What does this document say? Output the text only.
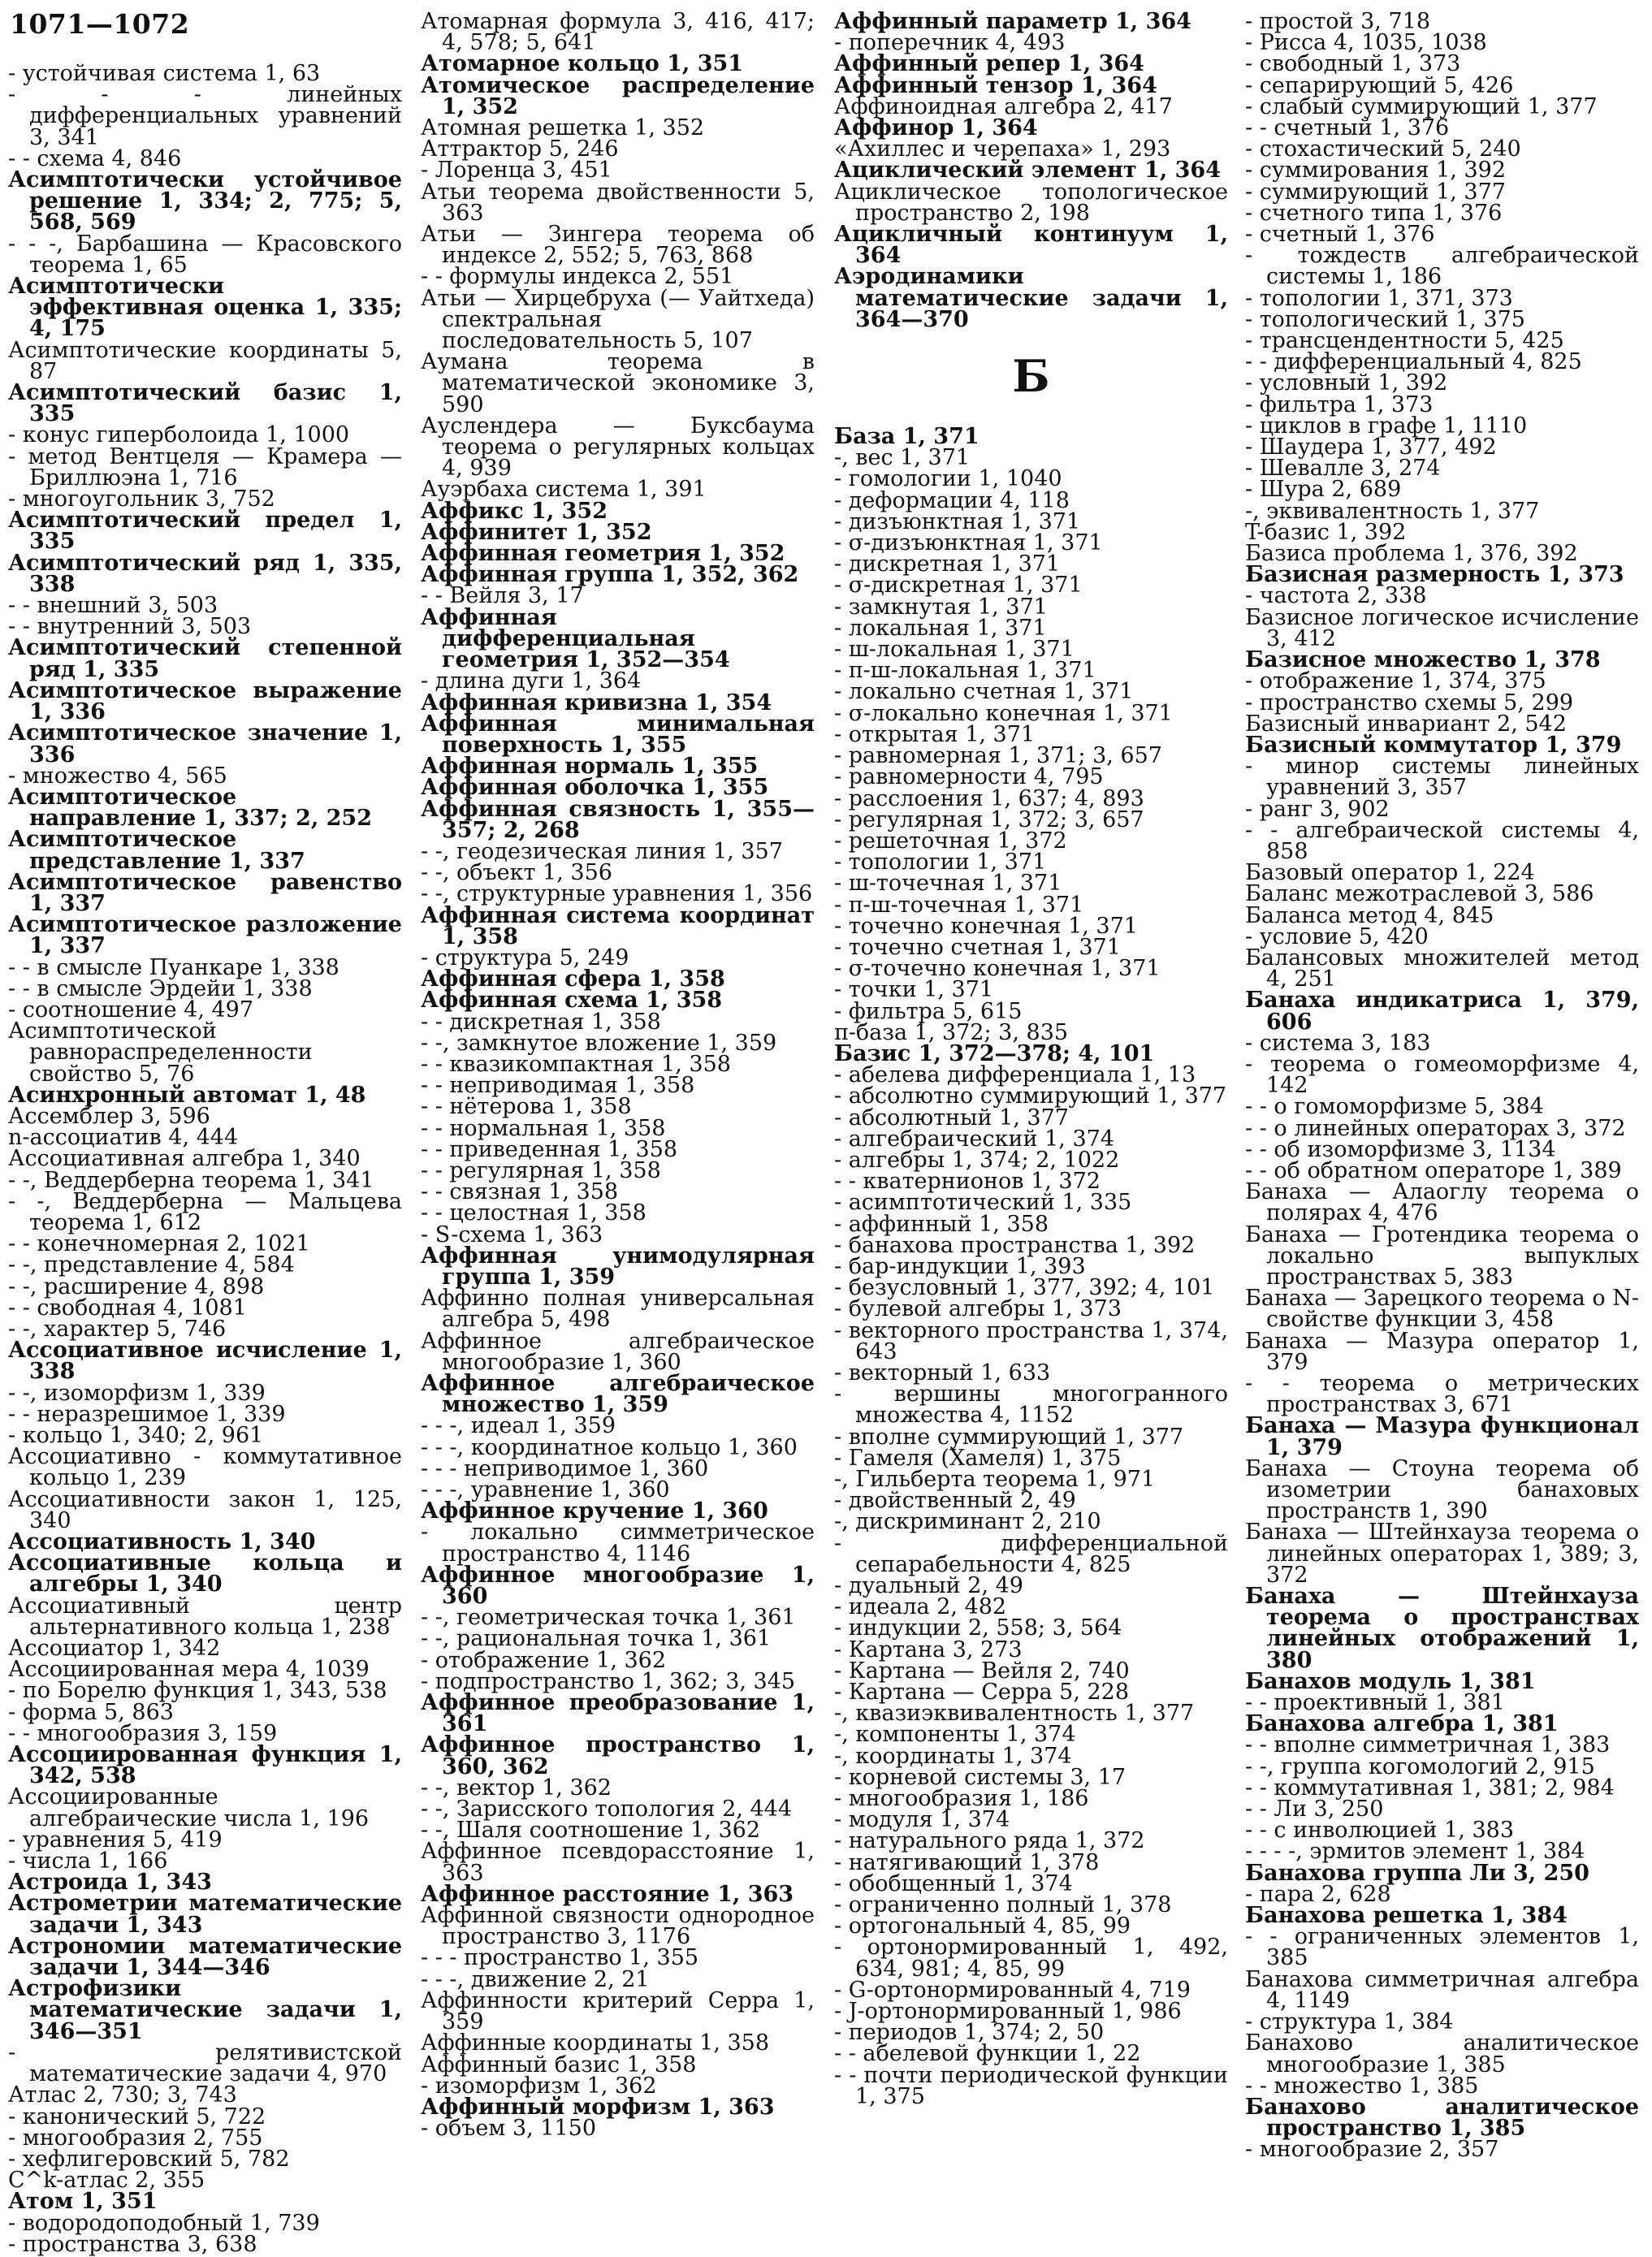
1071—1072

- устойчивая система 1, 63

- - - линейных дифференциальных уравнений 3, 341

- - схема 4, 846

Асимптотически устойчивое решение 1, 334; 2, 775; 5, 568, 569

- - -, Барбашина — Красовского теорема 1, 65

Асимптотически эффективная оценка 1, 335; 4, 175

Асимптотические координаты 5, 87

Асимптотический базис 1, 335

- конус гиперболоида 1, 1000

- метод Вентцеля — Крамера — Бриллюэна 1, 716

- многоугольник 3, 752

Асимптотический предел 1, 335

Асимптотический ряд 1, 335, 338

- - внешний 3, 503

- - внутренний 3, 503

Асимптотический степенной ряд 1, 335

Асимптотическое выражение 1, 336

Асимптотическое значение 1, 336

- множество 4, 565

Асимптотическое направление 1, 337; 2, 252

Асимптотическое представление 1, 337

Асимптотическое равенство 1, 337

Асимптотическое разложение 1, 337

- - в смысле Пуанкаре 1, 338

- - в смысле Эрдейи 1, 338

- соотношение 4, 497

Асимптотической равнораспределенности свойство 5, 76

Асинхронный автомат 1, 48

Ассемблер 3, 596

n-ассоциатив 4, 444

Ассоциативная алгебра 1, 340

- -, Веддерберна теорема 1, 341

- -, Веддерберна — Мальцева теорема 1, 612

- - конечномерная 2, 1021

- -, представление 4, 584

- -, расширение 4, 898

- - свободная 4, 1081

- -, характер 5, 746

Ассоциативное исчисление 1, 338

- -, изоморфизм 1, 339

- - неразрешимое 1, 339

- кольцо 1, 340; 2, 961

Ассоциативно - коммутативное кольцо 1, 239

Ассоциативности закон 1, 125, 340

Ассоциативность 1, 340

Ассоциативные кольца и алгебры 1, 340

Ассоциативный центр альтернативного кольца 1, 238

Ассоциатор 1, 342

Ассоциированная мера 4, 1039

- по Борелю функция 1, 343, 538

- форма 5, 863

- - многообразия 3, 159

Ассоциированная функция 1, 342, 538

Ассоциированные алгебраические числа 1, 196

- уравнения 5, 419

- числа 1, 166

Астроида 1, 343

Астрометрии математические задачи 1, 343

Астрономии математические задачи 1, 344—346

Астрофизики математические задачи 1, 346—351

- релятивистской математические задачи 4, 970

Атлас 2, 730; 3, 743

- канонический 5, 722

- многообразия 2, 755

- хефлигеровский 5, 782

C^k-атлас 2, 355

Атом 1, 351

- водородоподобный 1, 739

- пространства 3, 638

Атомарная формула 3, 416, 417; 4, 578; 5, 641

Атомарное кольцо 1, 351

Атомическое распределение 1, 352

Атомная решетка 1, 352

Аттрактор 5, 246

- Лоренца 3, 451

Атьи теорема двойственности 5, 363

Атьи — Зингера теорема об индексе 2, 552; 5, 763, 868

- - формулы индекса 2, 551

Атьи — Хирцебруха (— Уайтхеда) спектральная последовательность 5, 107

Аумана теорема в математической экономике 3, 590

Ауслендера — Буксбаума теорема о регулярных кольцах 4, 939

Ауэрбаха система 1, 391

Аффикс 1, 352

Аффинитет 1, 352

Аффинная геометрия 1, 352

Аффинная группа 1, 352, 362

- - Вейля 3, 17

Аффинная дифференциальная геометрия 1, 352—354

- длина дуги 1, 364

Аффинная кривизна 1, 354

Аффинная минимальная поверхность 1, 355

Аффинная нормаль 1, 355

Аффинная оболочка 1, 355

Аффинная связность 1, 355—357; 2, 268

- -, геодезическая линия 1, 357

- -, объект 1, 356

- -, структурные уравнения 1, 356

Аффинная система координат 1, 358

- структура 5, 249

Аффинная сфера 1, 358

Аффинная схема 1, 358

- - дискретная 1, 358

- -, замкнутое вложение 1, 359

- - квазикомпактная 1, 358

- - неприводимая 1, 358

- - нётерова 1, 358

- - нормальная 1, 358

- - приведенная 1, 358

- - регулярная 1, 358

- - связная 1, 358

- - целостная 1, 358

- S-схема 1, 363

Аффинная унимодулярная группа 1, 359

Аффинно полная универсальная алгебра 5, 498

Аффинное алгебраическое многообразие 1, 360

Аффинное алгебраическое множество 1, 359

- - -, идеал 1, 359

- - -, координатное кольцо 1, 360

- - - неприводимое 1, 360

- - -, уравнение 1, 360

Аффинное кручение 1, 360

- локально симметрическое пространство 4, 1146

Аффинное многообразие 1, 360

- -, геометрическая точка 1, 361

- -, рациональная точка 1, 361

- отображение 1, 362

- подпространство 1, 362; 3, 345

Аффинное преобразование 1, 361

Аффинное пространство 1, 360, 362

- -, вектор 1, 362

- -, Зарисского топология 2, 444

- -, Шаля соотношение 1, 362

Аффинное псевдорасстояние 1, 363

Аффинное расстояние 1, 363

Аффинной связности однородное пространство 3, 1176

- - - пространство 1, 355

- - -, движение 2, 21

Аффинности критерий Серра 1, 359

Аффинные координаты 1, 358

Аффинный базис 1, 358

- изоморфизм 1, 362

Аффинный морфизм 1, 363

- объем 3, 1150

Аффинный параметр 1, 364

- поперечник 4, 493

Аффинный репер 1, 364

Аффинный тензор 1, 364

Аффиноидная алгебра 2, 417

Аффинор 1, 364

«Ахиллес и черепаха» 1, 293

Ациклический элемент 1, 364

Ациклическое топологическое пространство 2, 198

Ацикличный континуум 1, 364

Аэродинамики математические задачи 1, 364—370

Б

База 1, 371

-, вес 1, 371

- гомологии 1, 1040

- деформации 4, 118

- дизъюнктная 1, 371

- σ-дизъюнктная 1, 371

- дискретная 1, 371

- σ-дискретная 1, 371

- замкнутая 1, 371

- локальная 1, 371

- ш-локальная 1, 371

- π-ш-локальная 1, 371

- локально счетная 1, 371

- σ-локально конечная 1, 371

- открытая 1, 371

- равномерная 1, 371; 3, 657

- равномерности 4, 795

- расслоения 1, 637; 4, 893

- регулярная 1, 372; 3, 657

- решеточная 1, 372

- топологии 1, 371

- ш-точечная 1, 371

- π-ш-точечная 1, 371

- точечно конечная 1, 371

- точечно счетная 1, 371

- σ-точечно конечная 1, 371

- точки 1, 371

- фильтра 5, 615

π-база 1, 372; 3, 835

Базис 1, 372—378; 4, 101

- абелева дифференциала 1, 13

- абсолютно суммирующий 1, 377

- абсолютный 1, 377

- алгебраический 1, 374

- алгебры 1, 374; 2, 1022

- - кватернионов 1, 372

- асимптотический 1, 335

- аффинный 1, 358

- банахова пространства 1, 392

- бар-индукции 1, 393

- безусловный 1, 377, 392; 4, 101

- булевой алгебры 1, 373

- векторного пространства 1, 374, 643

- векторный 1, 633

- вершины многогранного множества 4, 1152

- вполне суммирующий 1, 377

- Гамеля (Хамеля) 1, 375

-, Гильберта теорема 1, 971

- двойственный 2, 49

-, дискриминант 2, 210

- дифференциальной сепарабельности 4, 825

- дуальный 2, 49

- идеала 2, 482

- индукции 2, 558; 3, 564

- Картана 3, 273

- Картана — Вейля 2, 740

- Картана — Серра 5, 228

-, квазиэквивалентность 1, 377

-, компоненты 1, 374

-, координаты 1, 374

- корневой системы 3, 17

- многообразия 1, 186

- модуля 1, 374

- натурального ряда 1, 372

- натягивающий 1, 378

- обобщенный 1, 374

- ограниченно полный 1, 378

- ортогональный 4, 85, 99

- ортонормированный 1, 492, 634, 981; 4, 85, 99

- G-ортонормированный 4, 719

- J-ортонормированный 1, 986

- периодов 1, 374; 2, 50

- - абелевой функции 1, 22

- - почти периодической функции 1, 375

- простой 3, 718

- Рисса 4, 1035, 1038

- свободный 1, 373

- сепарирующий 5, 426

- слабый суммирующий 1, 377

- - счетный 1, 376

- стохастический 5, 240

- суммирования 1, 392

- суммирующий 1, 377

- счетного типа 1, 376

- счетный 1, 376

- тождеств алгебраической системы 1, 186

- топологии 1, 371, 373

- топологический 1, 375

- трансцендентности 5, 425

- - дифференциальный 4, 825

- условный 1, 392

- фильтра 1, 373

- циклов в графе 1, 1110

- Шаудера 1, 377, 492

- Шевалле 3, 274

- Шура 2, 689

-, эквивалентность 1, 377

T-базис 1, 392

Базиса проблема 1, 376, 392

Базисная размерность 1, 373

- частота 2, 338

Базисное логическое исчисление 3, 412

Базисное множество 1, 378

- отображение 1, 374, 375

- пространство схемы 5, 299

Базисный инвариант 2, 542

Базисный коммутатор 1, 379

- минор системы линейных уравнений 3, 357

- ранг 3, 902

- - алгебраической системы 4, 858

Базовый оператор 1, 224

Баланс межотраслевой 3, 586

Баланса метод 4, 845

- условие 5, 420

Балансовых множителей метод 4, 251

Банаха индикатриса 1, 379, 606

- система 3, 183

- теорема о гомеоморфизме 4, 142

- - о гомоморфизме 5, 384

- - о линейных операторах 3, 372

- - об изоморфизме 3, 1134

- - об обратном операторе 1, 389

Банаха — Алаоглу теорема о полярах 4, 476

Банаха — Гротендика теорема о локально выпуклых пространствах 5, 383

Банаха — Зарецкого теорема о N-свойстве функции 3, 458

Банаха — Мазура оператор 1, 379

- - теорема о метрических пространствах 3, 671

Банаха — Мазура функционал 1, 379

Банаха — Стоуна теорема об изометрии банаховых пространств 1, 390

Банаха — Штейнхауза теорема о линейных операторах 1, 389; 3, 372

Банаха — Штейнхауза теорема о пространствах линейных отображений 1, 380

Банахов модуль 1, 381

- - проективный 1, 381

Банахова алгебра 1, 381

- - вполне симметричная 1, 383

- -, группа когомологий 2, 915

- - коммутативная 1, 381; 2, 984

- - Ли 3, 250

- - с инволюцией 1, 383

- - - -, эрмитов элемент 1, 384

Банахова группа Ли 3, 250

- пара 2, 628

Банахова решетка 1, 384

- - ограниченных элементов 1, 385

Банахова симметричная алгебра 4, 1149

- структура 1, 384

Банахово аналитическое многообразие 1, 385

- - множество 1, 385

Банахово аналитическое пространство 1, 385

- многообразие 2, 357
